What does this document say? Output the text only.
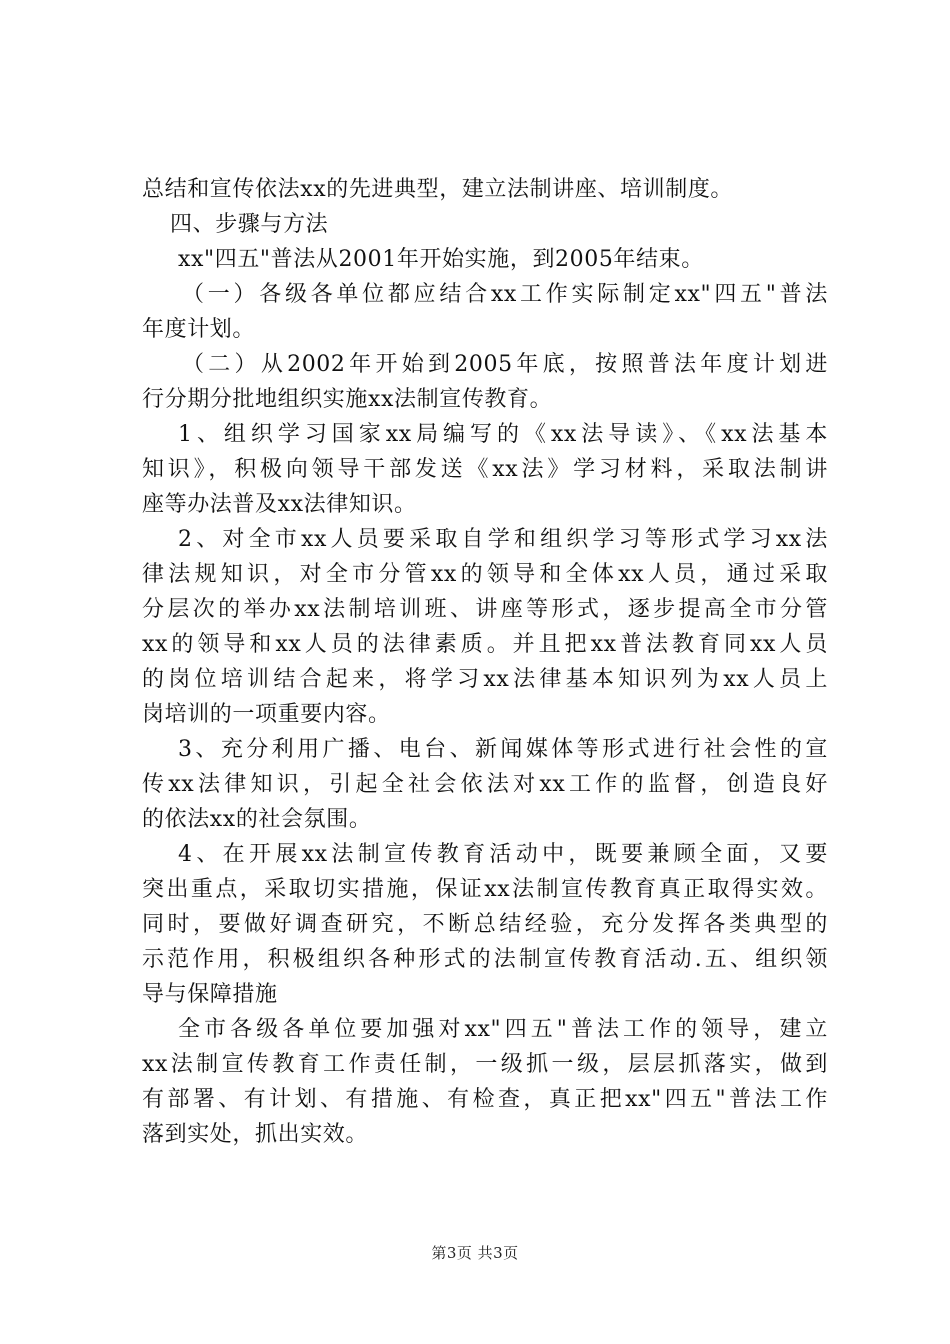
总结和宣传依法xx的先进典型，建立法制讲座、培训制度。
四、步骤与方法
xx"四五"普法从2001年开始实施，到2005年结束。
（一）各级各单位都应结合xx工作实际制定xx"四五"普法
年度计划。
（二）从2002年开始到2005年底，按照普法年度计划进
行分期分批地组织实施xx法制宣传教育。
1、组织学习国家xx局编写的《xx法导读》、《xx法基本
知识》，积极向领导干部发送《xx法》学习材料，采取法制讲
座等办法普及xx法律知识。
2、对全市xx人员要采取自学和组织学习等形式学习xx法
律法规知识，对全市分管xx的领导和全体xx人员，通过采取
分层次的举办xx法制培训班、讲座等形式，逐步提高全市分管
xx的领导和xx人员的法律素质。并且把xx普法教育同xx人员
的岗位培训结合起来，将学习xx法律基本知识列为xx人员上
岗培训的一项重要内容。
3、充分利用广播、电台、新闻媒体等形式进行社会性的宣
传xx法律知识，引起全社会依法对xx工作的监督，创造良好
的依法xx的社会氛围。
4、在开展xx法制宣传教育活动中，既要兼顾全面，又要
突出重点，采取切实措施，保证xx法制宣传教育真正取得实效。
同时，要做好调查研究，不断总结经验，充分发挥各类典型的
示范作用，积极组织各种形式的法制宣传教育活动.五、组织领
导与保障措施
全市各级各单位要加强对xx"四五"普法工作的领导，建立
xx法制宣传教育工作责任制，一级抓一级，层层抓落实，做到
有部署、有计划、有措施、有检查，真正把xx"四五"普法工作
落到实处，抓出实效。
第3页 共3页
